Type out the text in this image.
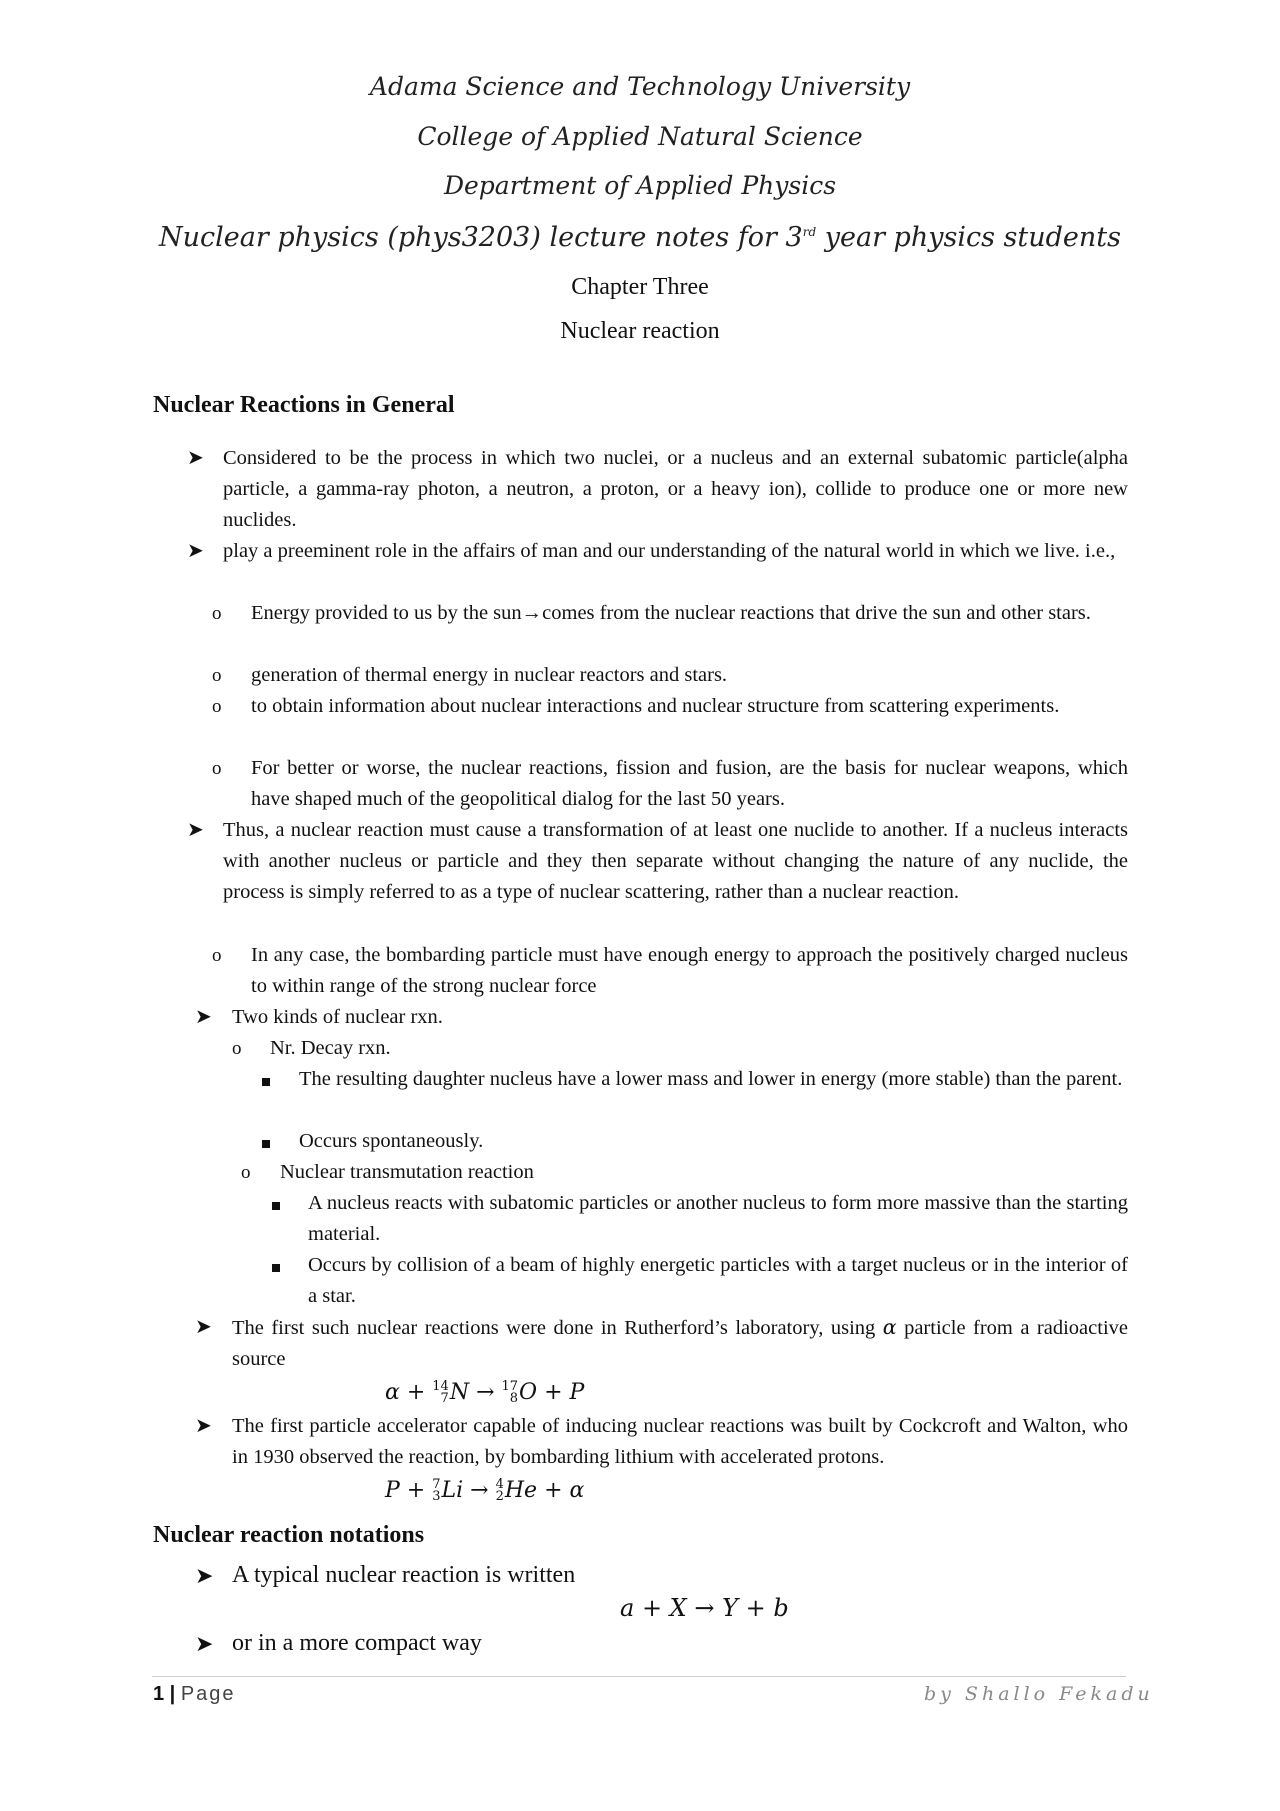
Adama Science and Technology University
College of Applied Natural Science
Department of Applied Physics
Nuclear physics (phys3203) lecture notes for 3rd year physics students
Chapter Three
Nuclear reaction
Nuclear Reactions in General
➤ Considered to be the process in which two nuclei, or a nucleus and an external subatomic particle(alpha particle, a gamma-ray photon, a neutron, a proton, or a heavy ion), collide to produce one or more new nuclides.
➤ play a preeminent role in the affairs of man and our understanding of the natural world in which we live. i.e.,
o Energy provided to us by the sun→comes from the nuclear reactions that drive the sun and other stars.
o generation of thermal energy in nuclear reactors and stars.
o to obtain information about nuclear interactions and nuclear structure from scattering experiments.
o For better or worse, the nuclear reactions, fission and fusion, are the basis for nuclear weapons, which have shaped much of the geopolitical dialog for the last 50 years.
➤ Thus, a nuclear reaction must cause a transformation of at least one nuclide to another. If a nucleus interacts with another nucleus or particle and they then separate without changing the nature of any nuclide, the process is simply referred to as a type of nuclear scattering, rather than a nuclear reaction.
o In any case, the bombarding particle must have enough energy to approach the positively charged nucleus to within range of the strong nuclear force
➤ Two kinds of nuclear rxn.
o Nr. Decay rxn.
The resulting daughter nucleus have a lower mass and lower in energy (more stable) than the parent.
Occurs spontaneously.
o Nuclear transmutation reaction
A nucleus reacts with subatomic particles or another nucleus to form more massive than the starting material.
Occurs by collision of a beam of highly energetic particles with a target nucleus or in the interior of a star.
➤ The first such nuclear reactions were done in Rutherford’s laboratory, using α particle from a radioactive source
α + 14
7 N → 17
8 O + P
➤ The first particle accelerator capable of inducing nuclear reactions was built by Cockcroft and Walton, who in 1930 observed the reaction, by bombarding lithium with accelerated protons.
P + 7
3 Li → 4
2 He + α
Nuclear reaction notations
➤ A typical nuclear reaction is written
a + X → Y + b
➤ or in a more compact way
1 | Page	by Shallo Fekadu
